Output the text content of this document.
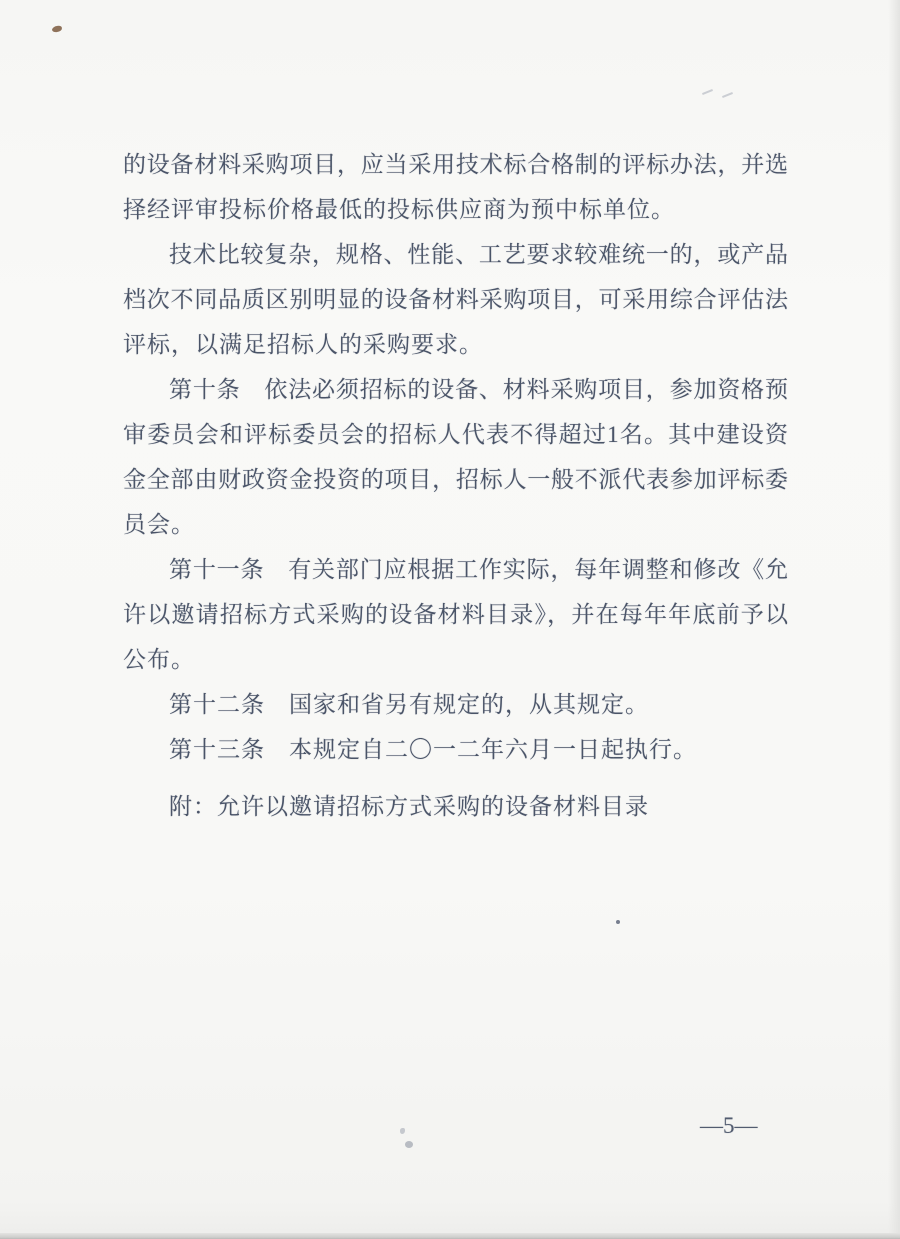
的设备材料采购项目，应当采用技术标合格制的评标办法，并选

择经评审投标价格最低的投标供应商为预中标单位。

技术比较复杂，规格、性能、工艺要求较难统一的，或产品

档次不同品质区别明显的设备材料采购项目，可采用综合评估法

评标，以满足招标人的采购要求。

第十条　依法必须招标的设备、材料采购项目，参加资格预

审委员会和评标委员会的招标人代表不得超过1名。其中建设资

金全部由财政资金投资的项目，招标人一般不派代表参加评标委

员会。

第十一条　有关部门应根据工作实际，每年调整和修改《允

许以邀请招标方式采购的设备材料目录》，并在每年年底前予以

公布。

第十二条　国家和省另有规定的，从其规定。

第十三条　本规定自二〇一二年六月一日起执行。

附：允许以邀请招标方式采购的设备材料目录

—5—
